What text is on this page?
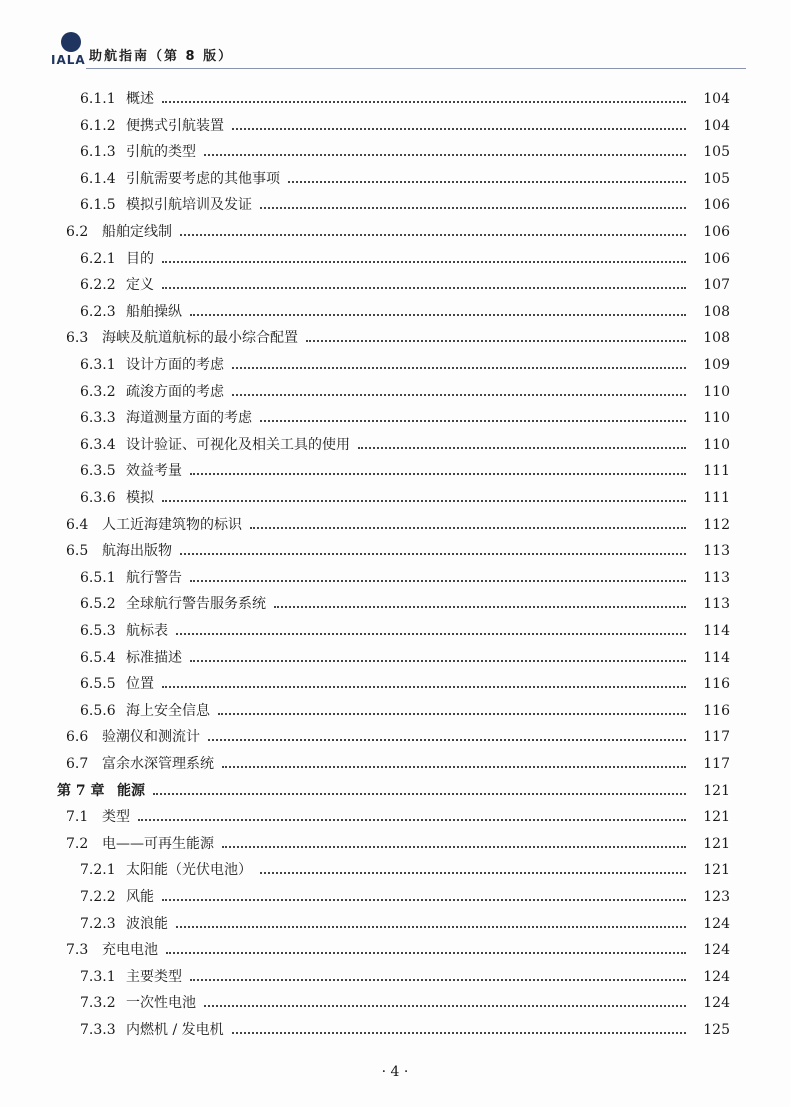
IALA 助航指南（第 8 版）
6.1.1 概述	104
6.1.2 便携式引航装置	104
6.1.3 引航的类型	105
6.1.4 引航需要考虑的其他事项	105
6.1.5 模拟引航培训及发证	106
6.2 船舶定线制	106
6.2.1 目的	106
6.2.2 定义	107
6.2.3 船舶操纵	108
6.3 海峡及航道航标的最小综合配置	108
6.3.1 设计方面的考虑	109
6.3.2 疏浚方面的考虑	110
6.3.3 海道测量方面的考虑	110
6.3.4 设计验证、可视化及相关工具的使用	110
6.3.5 效益考量	111
6.3.6 模拟	111
6.4 人工近海建筑物的标识	112
6.5 航海出版物	113
6.5.1 航行警告	113
6.5.2 全球航行警告服务系统	113
6.5.3 航标表	114
6.5.4 标准描述	114
6.5.5 位置	116
6.5.6 海上安全信息	116
6.6 验潮仪和测流计	117
6.7 富余水深管理系统	117
第 7 章 能源	121
7.1 类型	121
7.2 电——可再生能源	121
7.2.1 太阳能（光伏电池）	121
7.2.2 风能	123
7.2.3 波浪能	124
7.3 充电电池	124
7.3.1 主要类型	124
7.3.2 一次性电池	124
7.3.3 内燃机 / 发电机	125
· 4 ·
